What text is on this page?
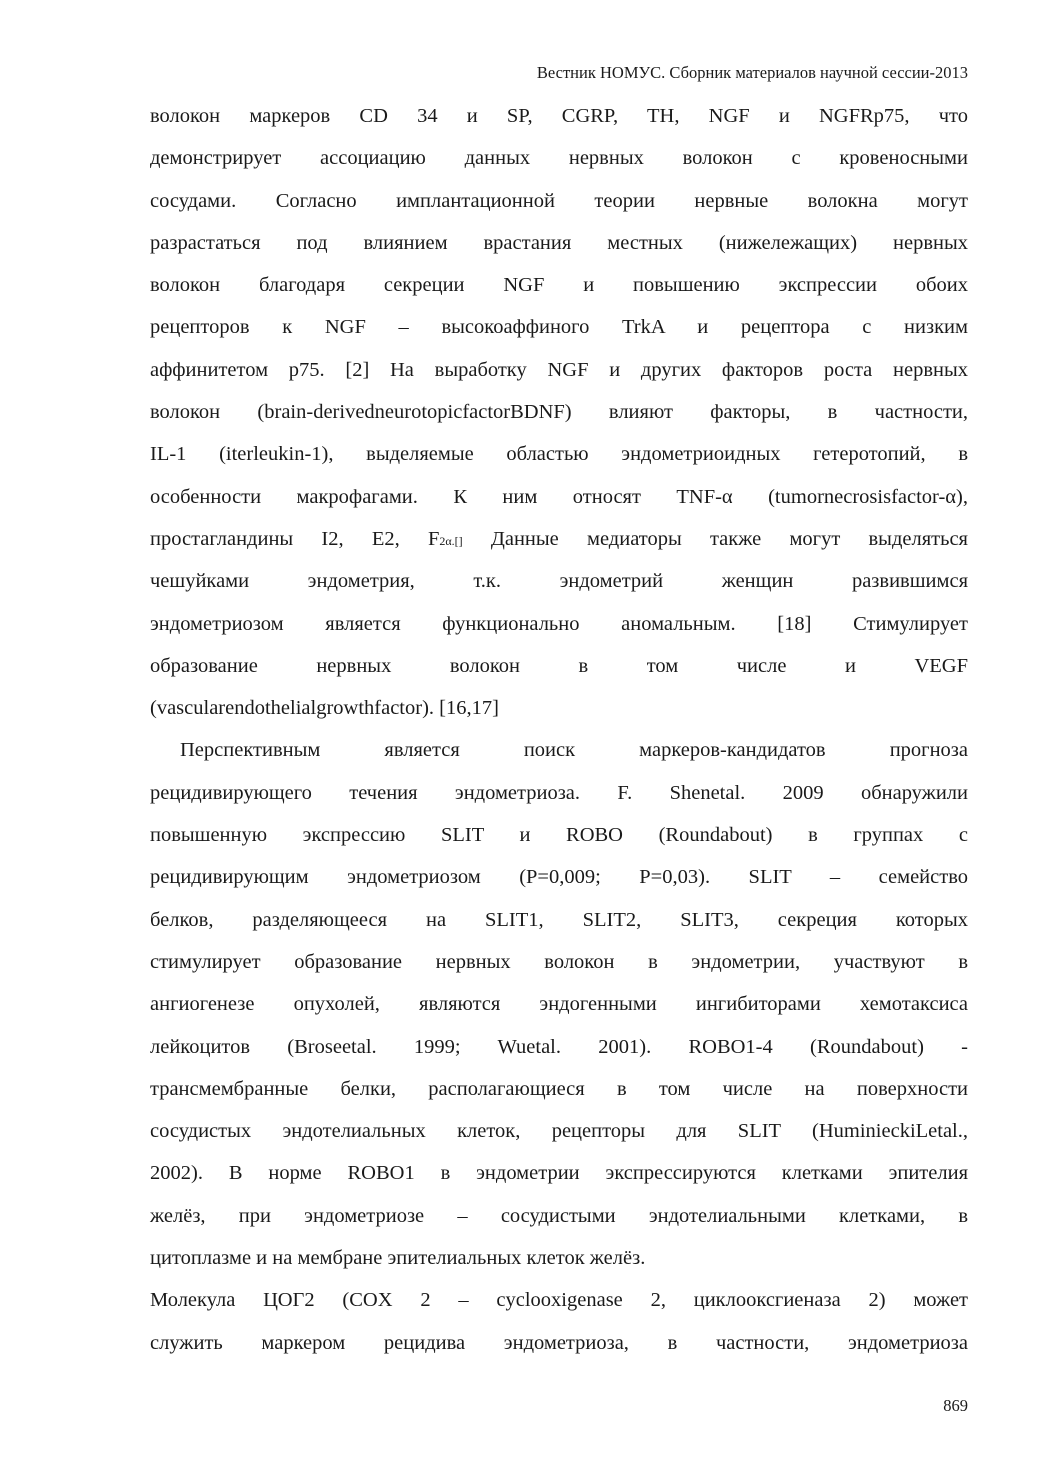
Вестник НОМУС. Сборник материалов научной сессии-2013
волокон маркеров CD 34 и SP, CGRP, TH, NGF и NGFRp75, что
демонстрирует ассоциацию данных нервных волокон с кровеносными
сосудами. Согласно имплантационной теории нервные волокна могут
разрастаться под влиянием врастания местных (нижележащих) нервных
волокон благодаря секреции NGF и повышению экспрессии обоих
рецепторов к NGF – высокоаффиного TrkA и рецептора с низким
аффинитетом p75. [2] На выработку NGF и других факторов роста нервных
волокон (brain-derivedneurotopicfactorBDNF) влияют факторы, в частности,
IL-1 (iterleukin-1), выделяемые областью эндометриоидных гетеротопий, в
особенности макрофагами. К ним относят TNF-α (tumornecrosisfactor-α),
простагландины I2, E2, F2α.[] Данные медиаторы также могут выделяться
чешуйками эндометрия, т.к. эндометрий женщин развившимся
эндометриозом является функционально аномальным. [18] Стимулирует
образование нервных волокон в том числе и VEGF
(vascularendothelialgrowthfactor). [16,17]
Перспективным является поиск маркеров-кандидатов прогноза
рецидивирующего течения эндометриоза. F. Shenetal. 2009 обнаружили
повышенную экспрессию SLIT и ROBO (Roundabout) в группах с
рецидивирующим эндометриозом (P=0,009; P=0,03). SLIT – семейство
белков, разделяющееся на SLIT1, SLIT2, SLIT3, секреция которых
стимулирует образование нервных волокон в эндометрии, участвуют в
ангиогенезе опухолей, являются эндогенными ингибиторами хемотаксиса
лейкоцитов (Broseetal. 1999; Wuetal. 2001). ROBO1-4 (Roundabout) -
трансмембранные белки, располагающиеся в том числе на поверхности
сосудистых эндотелиальных клеток, рецепторы для SLIT (HuminieckiLetal.,
2002). В норме ROBO1 в эндометрии экспрессируются клетками эпителия
желёз, при эндометриозе – сосудистыми эндотелиальными клетками, в
цитоплазме и на мембране эпителиальных клеток желёз.
Молекула ЦОГ2 (COX 2 – cyclooxigenase 2, циклооксгиеназа 2) может
служить маркером рецидива эндометриоза, в частности, эндометриоза
869
